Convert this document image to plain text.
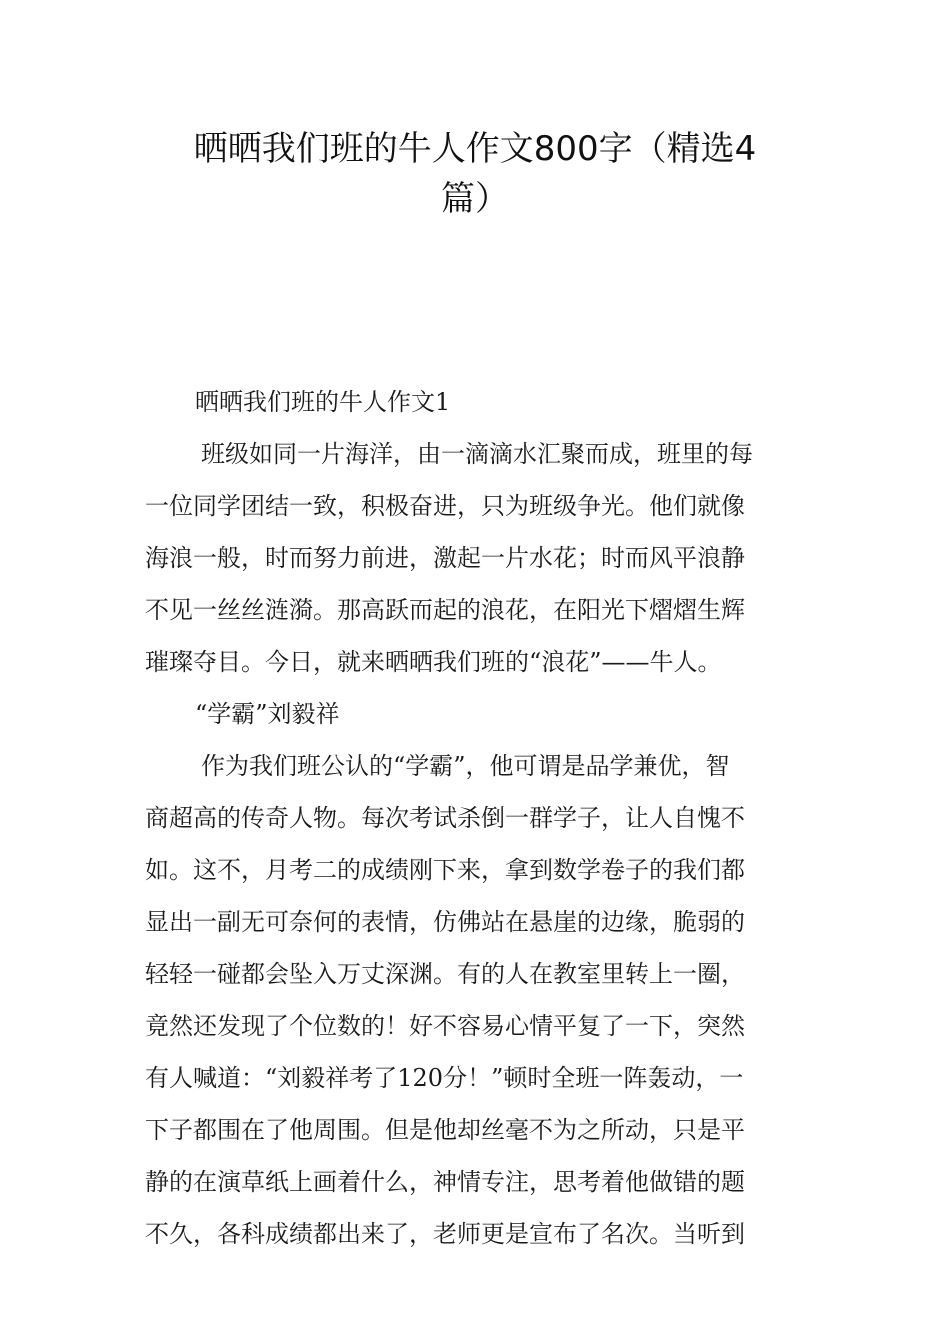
晒晒我们班的牛人作文800字（精选4
篇）
晒晒我们班的牛人作文1
班级如同一片海洋，由一滴滴水汇聚而成，班里的每
一位同学团结一致，积极奋进，只为班级争光。他们就像
海浪一般，时而努力前进，激起一片水花；时而风平浪静
不见一丝丝涟漪。那高跃而起的浪花，在阳光下熠熠生辉
璀璨夺目。今日，就来晒晒我们班的“浪花”——牛人。
“学霸”刘毅祥
作为我们班公认的“学霸”，他可谓是品学兼优，智
商超高的传奇人物。每次考试杀倒一群学子，让人自愧不
如。这不，月考二的成绩刚下来，拿到数学卷子的我们都
显出一副无可奈何的表情，仿佛站在悬崖的边缘，脆弱的
轻轻一碰都会坠入万丈深渊。有的人在教室里转上一圈，
竟然还发现了个位数的！好不容易心情平复了一下，突然
有人喊道：“刘毅祥考了120分！”顿时全班一阵轰动，一
下子都围在了他周围。但是他却丝毫不为之所动，只是平
静的在演草纸上画着什么，神情专注，思考着他做错的题
不久，各科成绩都出来了，老师更是宣布了名次。当听到
